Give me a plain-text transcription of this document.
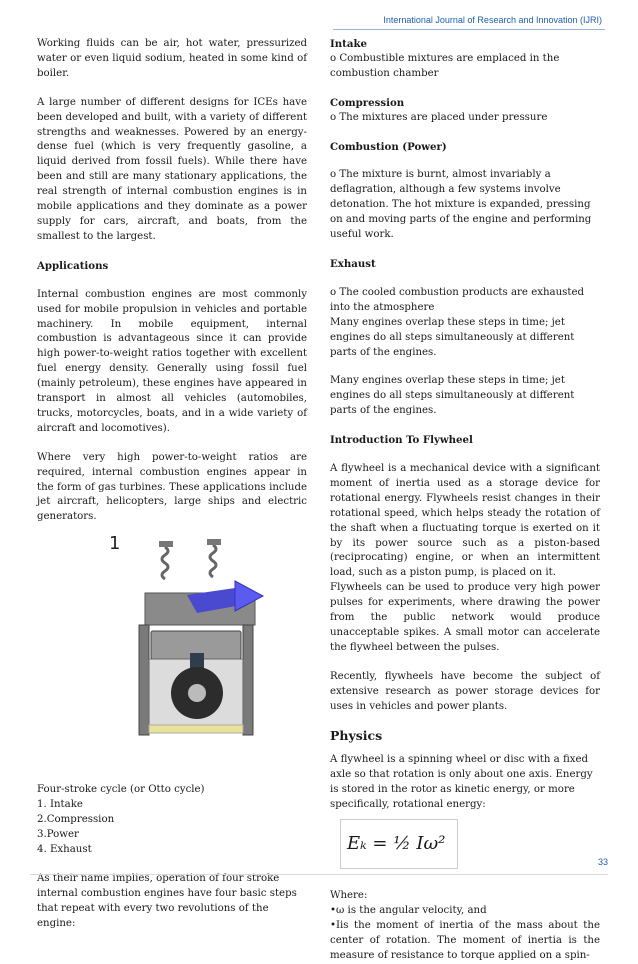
International Journal of Research and Innovation (IJRI)

Working fluids can be air, hot water, pressurized water or even liquid sodium, heated in some kind of boiler.

A large number of different designs for ICEs have been developed and built, with a variety of different strengths and weaknesses. Powered by an energy-dense fuel (which is very frequently gasoline, a liquid derived from fossil fuels). While there have been and still are many stationary applications, the real strength of internal combustion engines is in mobile applications and they dominate as a power supply for cars, aircraft, and boats, from the smallest to the largest.

Applications

Internal combustion engines are most commonly used for mobile propulsion in vehicles and portable machinery. In mobile equipment, internal combustion is advantageous since it can provide high power-to-weight ratios together with excellent fuel energy density. Generally using fossil fuel (mainly petroleum), these engines have appeared in transport in almost all vehicles (automobiles, trucks, motorcycles, boats, and in a wide variety of aircraft and locomotives).

Where very high power-to-weight ratios are required, internal combustion engines appear in the form of gas turbines. These applications include jet aircraft, helicopters, large ships and electric generators.

1

Four-stroke cycle (or Otto cycle)

1. Intake

2.Compression

3.Power

4. Exhaust

As their name implies, operation of four stroke internal combustion engines have four basic steps that repeat with every two revolutions of the engine:

Intake

o Combustible mixtures are emplaced in the combustion chamber

Compression

o The mixtures are placed under pressure

Combustion (Power)

o The mixture is burnt, almost invariably a deflagration, although a few systems involve detonation. The hot mixture is expanded, pressing on and moving parts of the engine and performing useful work.

Exhaust

o The cooled combustion products are exhausted into the atmosphere

Many engines overlap these steps in time; jet engines do all steps simultaneously at different parts of the engines.

Many engines overlap these steps in time; jet engines do all steps simultaneously at different parts of the engines.

Introduction To Flywheel

A flywheel is a mechanical device with a significant moment of inertia used as a storage device for rotational energy. Flywheels resist changes in their rotational speed, which helps steady the rotation of the shaft when a fluctuating torque is exerted on it by its power source such as a piston-based (reciprocating) engine, or when an intermittent load, such as a piston pump, is placed on it.

Flywheels can be used to produce very high power pulses for experiments, where drawing the power from the public network would produce unacceptable spikes. A small motor can accelerate the flywheel between the pulses.

Recently, flywheels have become the subject of extensive research as power storage devices for uses in vehicles and power plants.

Physics

A flywheel is a spinning wheel or disc with a fixed axle so that rotation is only about one axis. Energy is stored in the rotor as kinetic energy, or more specifically, rotational energy:

Eₖ = ½ Iω²

Where:

•ω is the angular velocity, and

•Iis the moment of inertia of the mass about the center of rotation. The moment of inertia is the measure of resistance to torque applied on a spin-

33
